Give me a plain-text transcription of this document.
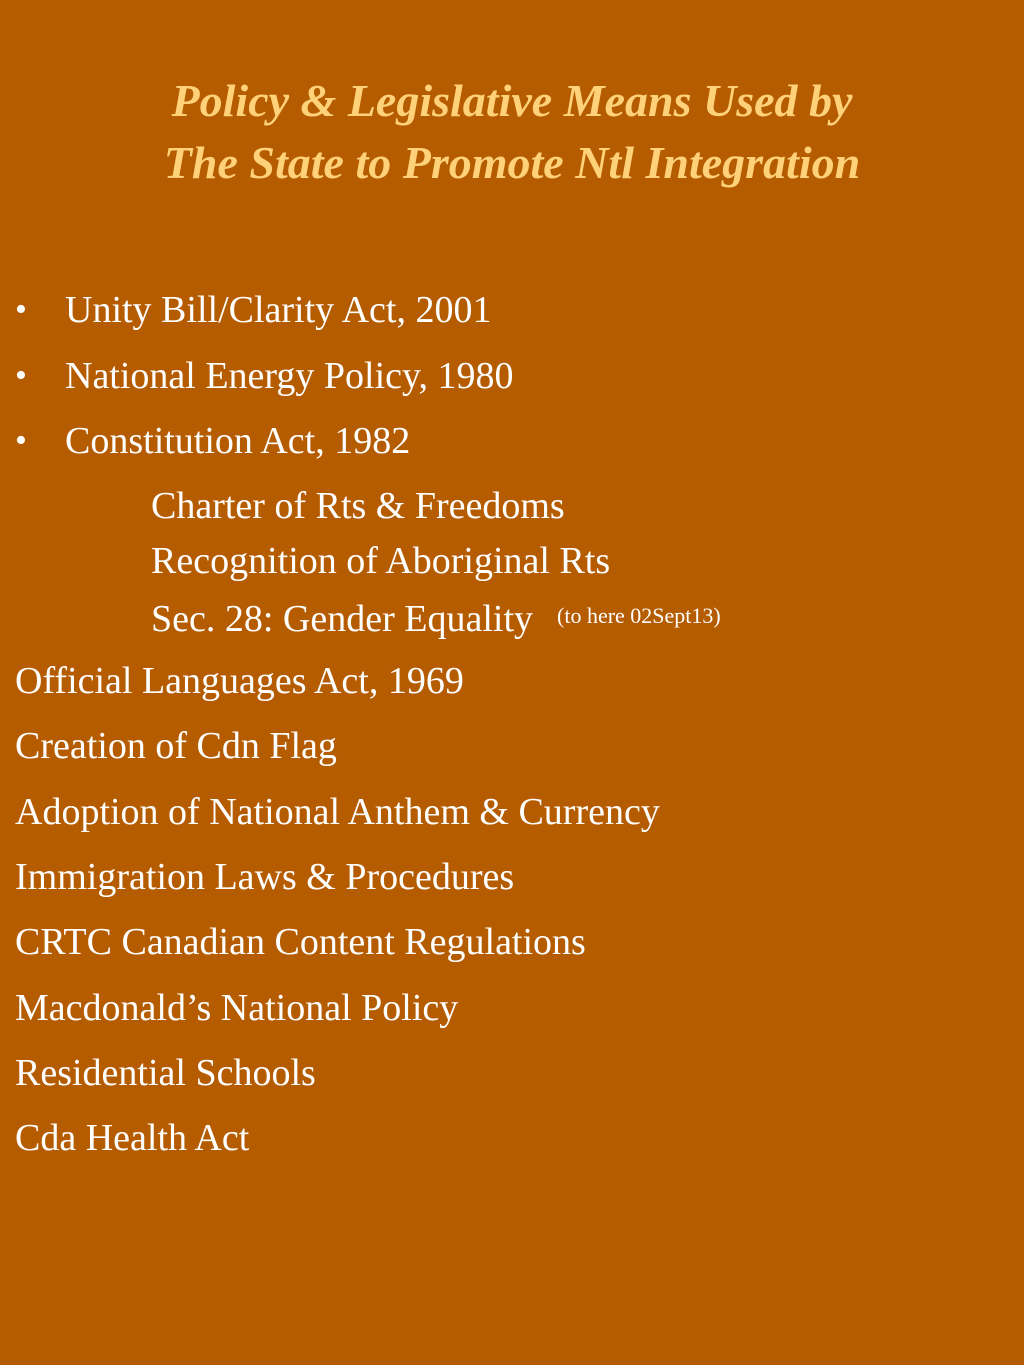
Policy & Legislative Means Used by
The State to Promote Ntl Integration
• Unity Bill/Clarity Act, 2001

• National Energy Policy, 1980

• Constitution Act, 1982

Charter of Rts & Freedoms

Recognition of Aboriginal Rts

Sec. 28: Gender Equality $^{(to here 02Sept13)}$

Official Languages Act, 1969

Creation of Cdn Flag

Adoption of National Anthem & Currency

Immigration Laws & Procedures

CRTC Canadian Content Regulations

Macdonald’s National Policy

Residential Schools

Cda Health Act
